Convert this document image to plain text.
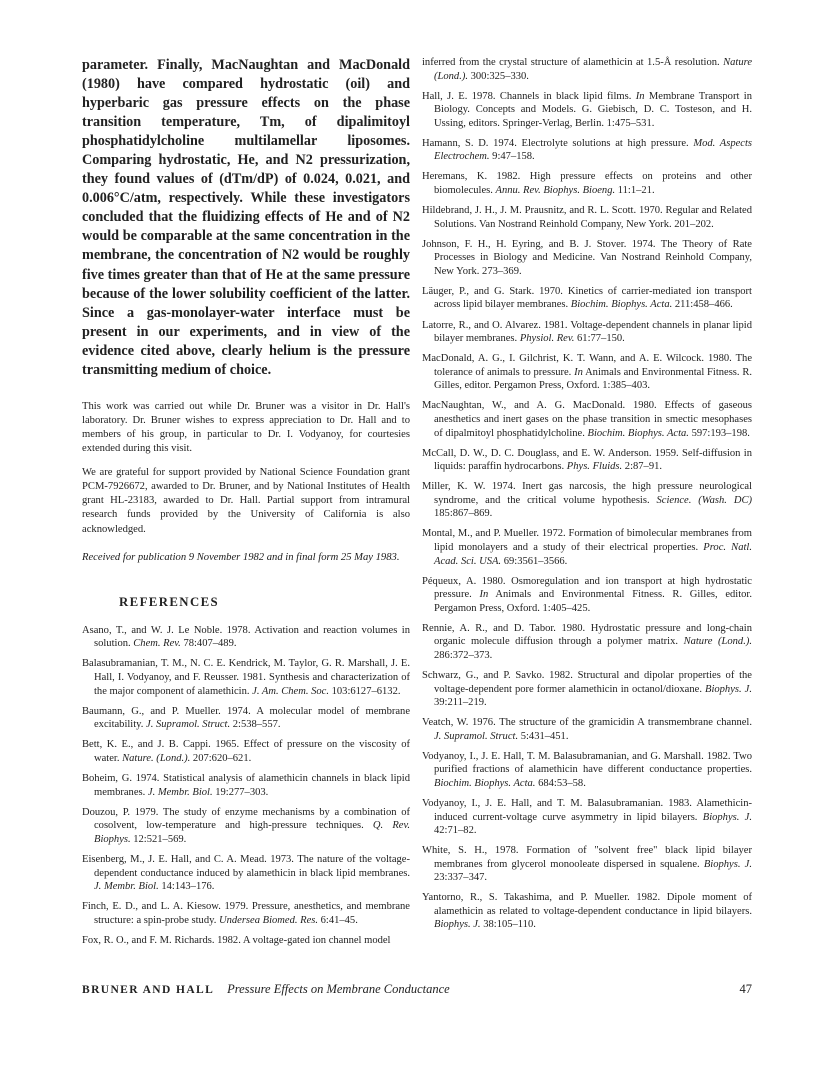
parameter. Finally, MacNaughtan and MacDonald (1980) have compared hydrostatic (oil) and hyperbaric gas pressure effects on the phase transition temperature, Tm, of dipalimitoyl phosphatidylcholine multilamellar liposomes. Comparing hydrostatic, He, and N2 pressurization, they found values of (dTm/dP) of 0.024, 0.021, and 0.006°C/atm, respectively. While these investigators concluded that the fluidizing effects of He and of N2 would be comparable at the same concentration in the membrane, the concentration of N2 would be roughly five times greater than that of He at the same pressure because of the lower solubility coefficient of the latter. Since a gas-monolayer-water interface must be present in our experiments, and in view of the evidence cited above, clearly helium is the pressure transmitting medium of choice.

This work was carried out while Dr. Bruner was a visitor in Dr. Hall's laboratory. Dr. Bruner wishes to express appreciation to Dr. Hall and to members of his group, in particular to Dr. I. Vodyanoy, for courtesies extended during this visit.

We are grateful for support provided by National Science Foundation grant PCM-7926672, awarded to Dr. Bruner, and by National Institutes of Health grant HL-23183, awarded to Dr. Hall. Partial support from intramural research funds provided by the University of California is also acknowledged.

Received for publication 9 November 1982 and in final form 25 May 1983.

REFERENCES

Asano, T., and W. J. Le Noble. 1978. Activation and reaction volumes in solution. Chem. Rev. 78:407–489.

Balasubramanian, T. M., N. C. E. Kendrick, M. Taylor, G. R. Marshall, J. E. Hall, I. Vodyanoy, and F. Reusser. 1981. Synthesis and characterization of the major component of alamethicin. J. Am. Chem. Soc. 103:6127–6132.

Baumann, G., and P. Mueller. 1974. A molecular model of membrane excitability. J. Supramol. Struct. 2:538–557.

Bett, K. E., and J. B. Cappi. 1965. Effect of pressure on the viscosity of water. Nature. (Lond.). 207:620–621.

Boheim, G. 1974. Statistical analysis of alamethicin channels in black lipid membranes. J. Membr. Biol. 19:277–303.

Douzou, P. 1979. The study of enzyme mechanisms by a combination of cosolvent, low-temperature and high-pressure techniques. Q. Rev. Biophys. 12:521–569.

Eisenberg, M., J. E. Hall, and C. A. Mead. 1973. The nature of the voltage-dependent conductance induced by alamethicin in black lipid membranes. J. Membr. Biol. 14:143–176.

Finch, E. D., and L. A. Kiesow. 1979. Pressure, anesthetics, and membrane structure: a spin-probe study. Undersea Biomed. Res. 6:41–45.

Fox, R. O., and F. M. Richards. 1982. A voltage-gated ion channel model

inferred from the crystal structure of alamethicin at 1.5-Å resolution. Nature (Lond.). 300:325–330.

Hall, J. E. 1978. Channels in black lipid films. In Membrane Transport in Biology. Concepts and Models. G. Giebisch, D. C. Tosteson, and H. Ussing, editors. Springer-Verlag, Berlin. 1:475–531.

Hamann, S. D. 1974. Electrolyte solutions at high pressure. Mod. Aspects Electrochem. 9:47–158.

Heremans, K. 1982. High pressure effects on proteins and other biomolecules. Annu. Rev. Biophys. Bioeng. 11:1–21.

Hildebrand, J. H., J. M. Prausnitz, and R. L. Scott. 1970. Regular and Related Solutions. Van Nostrand Reinhold Company, New York. 201–202.

Johnson, F. H., H. Eyring, and B. J. Stover. 1974. The Theory of Rate Processes in Biology and Medicine. Van Nostrand Reinhold Company, New York. 273–369.

Läuger, P., and G. Stark. 1970. Kinetics of carrier-mediated ion transport across lipid bilayer membranes. Biochim. Biophys. Acta. 211:458–466.

Latorre, R., and O. Alvarez. 1981. Voltage-dependent channels in planar lipid bilayer membranes. Physiol. Rev. 61:77–150.

MacDonald, A. G., I. Gilchrist, K. T. Wann, and A. E. Wilcock. 1980. The tolerance of animals to pressure. In Animals and Environmental Fitness. R. Gilles, editor. Pergamon Press, Oxford. 1:385–403.

MacNaughtan, W., and A. G. MacDonald. 1980. Effects of gaseous anesthetics and inert gases on the phase transition in smectic mesophases of dipalmitoyl phosphatidylcholine. Biochim. Biophys. Acta. 597:193–198.

McCall, D. W., D. C. Douglass, and E. W. Anderson. 1959. Self-diffusion in liquids: paraffin hydrocarbons. Phys. Fluids. 2:87–91.

Miller, K. W. 1974. Inert gas narcosis, the high pressure neurological syndrome, and the critical volume hypothesis. Science. (Wash. DC) 185:867–869.

Montal, M., and P. Mueller. 1972. Formation of bimolecular membranes from lipid monolayers and a study of their electrical properties. Proc. Natl. Acad. Sci. USA. 69:3561–3566.

Péqueux, A. 1980. Osmoregulation and ion transport at high hydrostatic pressure. In Animals and Environmental Fitness. R. Gilles, editor. Pergamon Press, Oxford. 1:405–425.

Rennie, A. R., and D. Tabor. 1980. Hydrostatic pressure and long-chain organic molecule diffusion through a polymer matrix. Nature (Lond.). 286:372–373.

Schwarz, G., and P. Savko. 1982. Structural and dipolar properties of the voltage-dependent pore former alamethicin in octanol/dioxane. Biophys. J. 39:211–219.

Veatch, W. 1976. The structure of the gramicidin A transmembrane channel. J. Supramol. Struct. 5:431–451.

Vodyanoy, I., J. E. Hall, T. M. Balasubramanian, and G. Marshall. 1982. Two purified fractions of alamethicin have different conductance properties. Biochim. Biophys. Acta. 684:53–58.

Vodyanoy, I., J. E. Hall, and T. M. Balasubramanian. 1983. Alamethicin-induced current-voltage curve asymmetry in lipid bilayers. Biophys. J. 42:71–82.

White, S. H., 1978. Formation of "solvent free" black lipid bilayer membranes from glycerol monooleate dispersed in squalene. Biophys. J. 23:337–347.

Yantorno, R., S. Takashima, and P. Mueller. 1982. Dipole moment of alamethicin as related to voltage-dependent conductance in lipid bilayers. Biophys. J. 38:105–110.

BRUNER AND HALL Pressure Effects on Membrane Conductance	47
